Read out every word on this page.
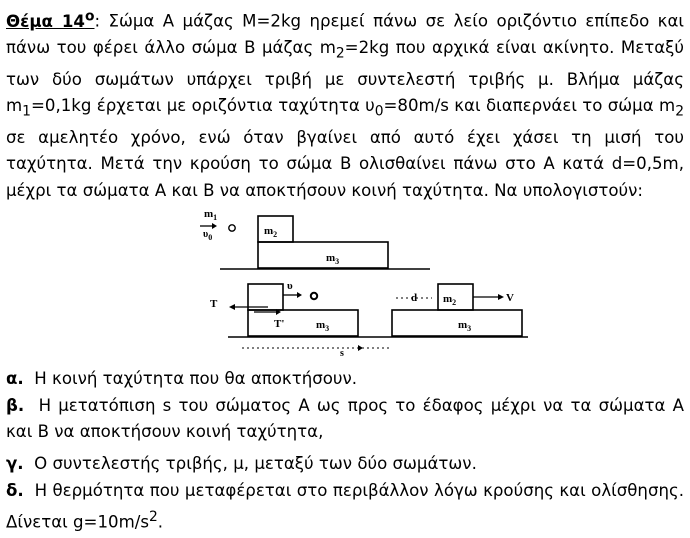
Θέμα $14^o$: Σώμα Α μάζας Μ=2kg ηρεμεί πάνω σε λείο οριζόντιο επίπεδο και πάνω του φέρει άλλο σώμα Β μάζας $m_2=2kg$ που αρχικά είναι ακίνητο. Μεταξύ των δύο σωμάτων υπάρχει τριβή με συντελεστή τριβής μ. Βλήμα μάζας $m_1=0,1kg$ έρχεται με οριζόντια ταχύτητα $\upsilon_0=80m/s$ και διαπερνάει το σώμα $m_2$ σε αμελητέο χρόνο, ενώ όταν βγαίνει από αυτό έχει χάσει τη μισή του ταχύτητα. Μετά την κρούση το σώμα Β ολισθαίνει πάνω στο Α κατά d=0,5m, μέχρι τα σώματα Α και Β να αποκτήσουν κοινή ταχύτητα. Να υπολογιστούν:

$m_1$
$\upsilon_0$
$m_2$
$m_3$
T
υ
T'	$m_3$
d $m_2$	V
$m_3$
s

α. Η κοινή ταχύτητα που θα αποκτήσουν.

β. Η μετατόπιση s του σώματος Α ως προς το έδαφος μέχρι να τα σώματα Α και Β να αποκτήσουν κοινή ταχύτητα,

γ. Ο συντελεστής τριβής, μ, μεταξύ των δύο σωμάτων.

δ. Η θερμότητα που μεταφέρεται στο περιβάλλον λόγω κρούσης και ολίσθησης. Δίνεται $g=10m/s^2$.
